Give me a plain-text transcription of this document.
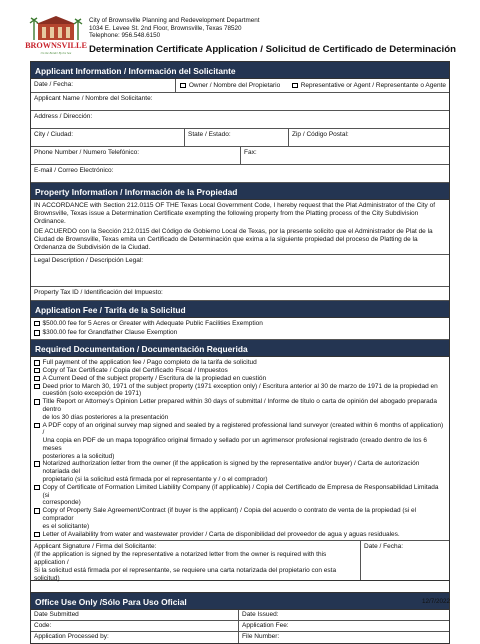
BROWNSVILLE
On the Border By the Sea
City of Brownsville Planning and Redevelopment Department
1034 E. Levee St. 2nd Floor, Brownsville, Texas 78520
Telephone: 956.548.6150
Determination Certificate Application / Solicitud de Certificado de Determinación
Applicant Information / Información del Solicitante
Date / Fecha:	Owner / Nombre del Propietario	Representative or Agent / Representante o Agente
Applicant Name / Nombre del Solicitante:
Address / Dirección:
City / Ciudad:	State / Estado:	Zip / Código Postal:
Phone Number / Numero Telefónico:	Fax:
E-mail / Correo Electrónico:
Property Information / Información de la Propiedad
IN ACCORDANCE with Section 212.0115 OF THE Texas Local Government Code, I hereby request that the Plat Administrator of the City of Brownsville, Texas issue a Determination Certificate exempting the following property from the Platting process of the City Subdivision Ordinance.
DE ACUERDO con la Sección 212.0115 del Código de Gobierno Local de Texas, por la presente solicito que el Administrador de Plat de la Ciudad de Brownsville, Texas emita un Certificado de Determinación que exima a la siguiente propiedad del proceso de Platting de la Ordenanza de Subdivisión de la Ciudad.
Legal Description / Descripción Legal:
Property Tax ID / Identificación del Impuesto:
Application Fee / Tarifa de la Solicitud
$500.00 fee for 5 Acres or Greater with Adequate Public Facilities Exemption
$300.00 fee for Grandfather Clause Exemption
Required Documentation / Documentación Requerida
Full payment of the application fee / Pago completo de la tarifa de solicitud
Copy of Tax Certificate / Copia del Certificado Fiscal / Impuestos
A Current Deed of the subject property / Escritura de la propiedad en cuestión
Deed prior to March 30, 1971 of the subject property (1971 exception only) / Escritura anterior al 30 de marzo de 1971 de la propiedad en
cuestión (solo excepción de 1971)
Title Report or Attorney's Opinion Letter prepared within 30 days of submittal / Informe de título o carta de opinión del abogado preparada dentro
de los 30 días posteriores a la presentación
A PDF copy of an original survey map signed and sealed by a registered professional land surveyor (created within 6 months of application) /
Una copia en PDF de un mapa topográfico original firmado y sellado por un agrimensor profesional registrado (creado dentro de los 6 meses
posteriores a la solicitud)
Notarized authorization letter from the owner (if the application is signed by the representative and/or buyer) / Carta de autorización notariada del
propietario (si la solicitud está firmada por el representante y / o el comprador)
Copy of Certificate of Formation Limited Liability Company (if applicable) / Copia del Certificado de Empresa de Responsabilidad Limitada (si
corresponde)
Copy of Property Sale Agreement/Contract (if buyer is the applicant) / Copia del acuerdo o contrato de venta de la propiedad (si el comprador
es el solicitante)
Letter of Availability from water and wastewater provider / Carta de disponibilidad del proveedor de agua y aguas residuales.
Applicant Signature / Firma del Solicitante:
(If the application is signed by the representative a notarized letter from the owner is required with this application /
Si la solicitud está firmada por el representante, se requiere una carta notarizada del propietario con esta solicitud)
Date / Fecha:
Office Use Only /Sólo Para Uso Oficial
Date Submitted	Date Issued:
Code:	Application Fee:
Application Processed by:	File Number:
12/7/2022
